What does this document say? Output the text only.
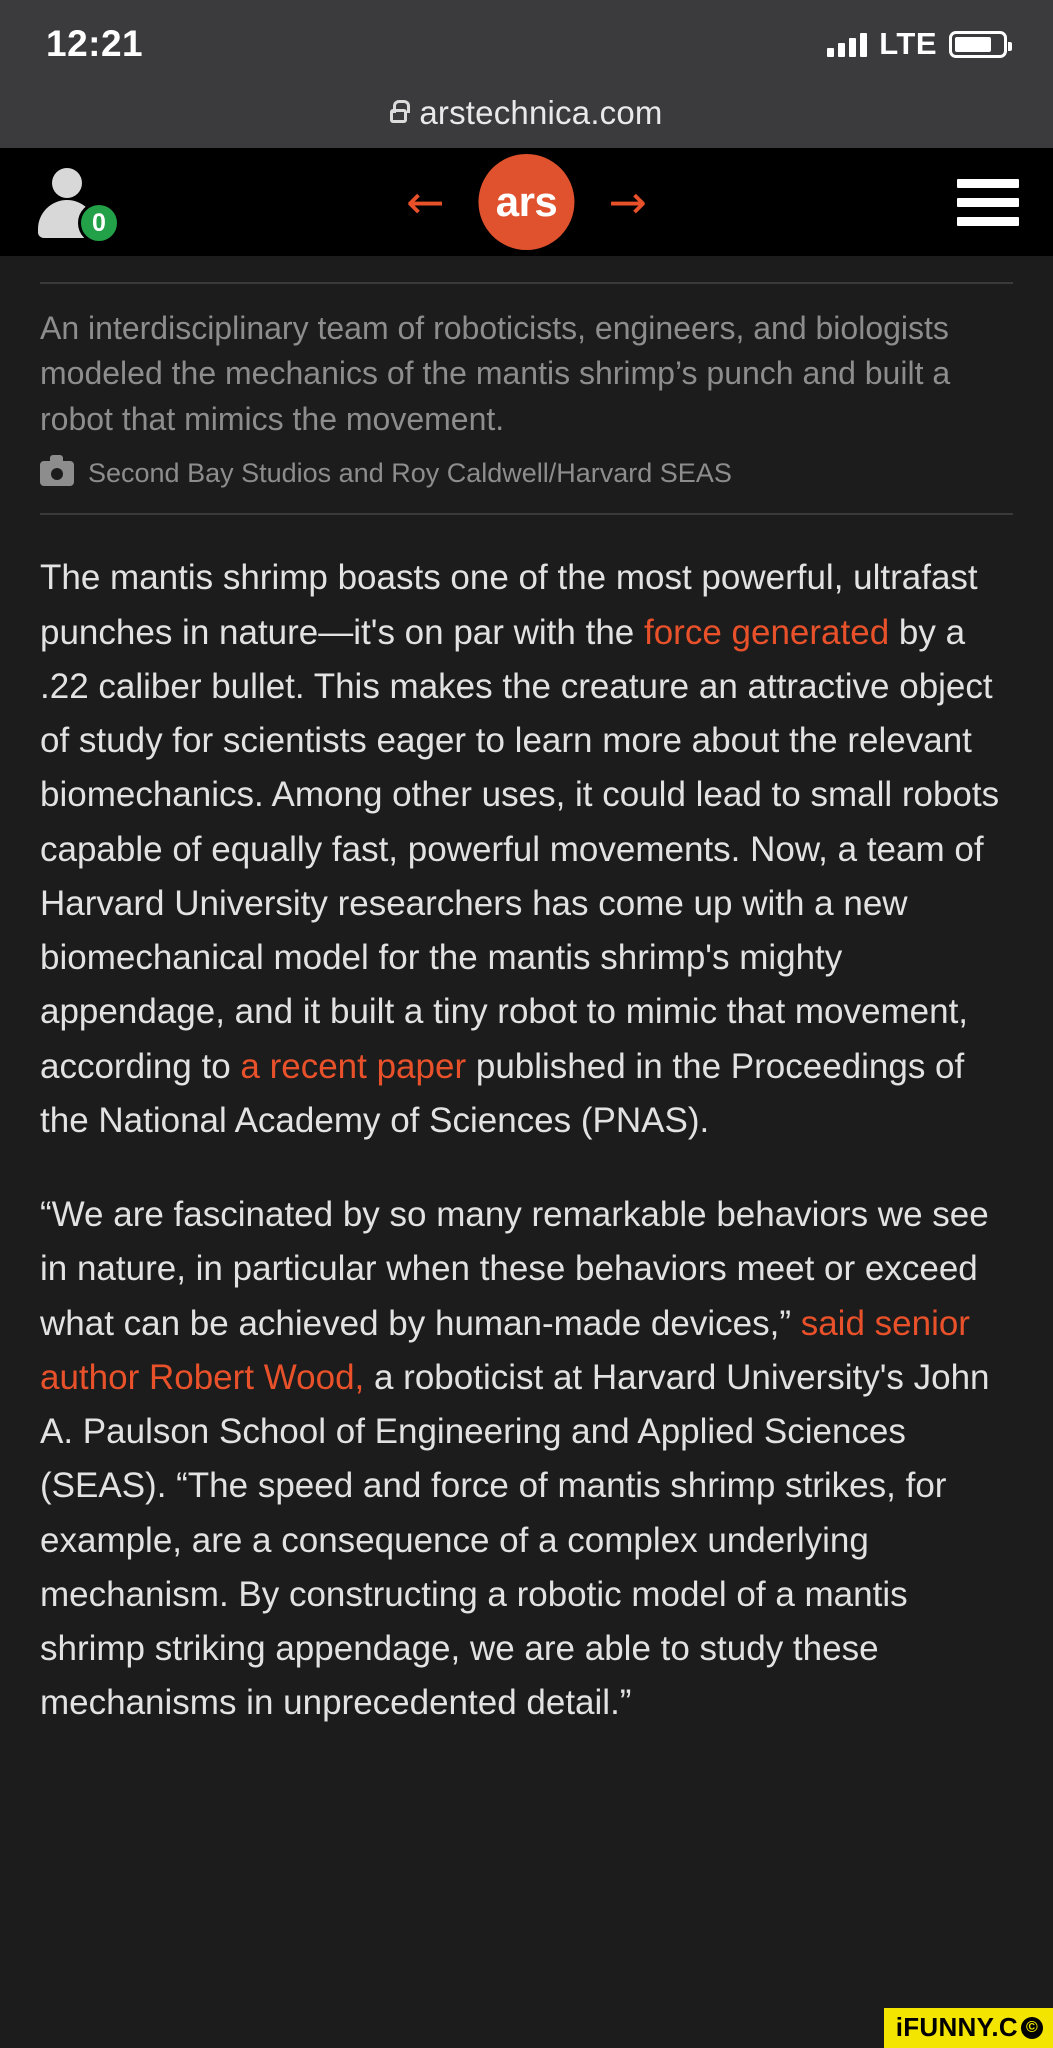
12:21	LTE
arstechnica.com
0	←	ars	→
An interdisciplinary team of roboticists, engineers, and biologists modeled the mechanics of the mantis shrimp’s punch and built a robot that mimics the movement.
Second Bay Studios and Roy Caldwell/Harvard SEAS

The mantis shrimp boasts one of the most powerful, ultrafast punches in nature—it's on par with the force generated by a .22 caliber bullet. This makes the creature an attractive object of study for scientists eager to learn more about the relevant biomechanics. Among other uses, it could lead to small robots capable of equally fast, powerful movements. Now, a team of Harvard University researchers has come up with a new biomechanical model for the mantis shrimp's mighty appendage, and it built a tiny robot to mimic that movement, according to a recent paper published in the Proceedings of the National Academy of Sciences (PNAS).

“We are fascinated by so many remarkable behaviors we see in nature, in particular when these behaviors meet or exceed what can be achieved by human-made devices,” said senior author Robert Wood, a roboticist at Harvard University's John A. Paulson School of Engineering and Applied Sciences (SEAS). “The speed and force of mantis shrimp strikes, for example, are a consequence of a complex underlying mechanism. By constructing a robotic model of a mantis shrimp striking appendage, we are able to study these mechanisms in unprecedented detail.”

iFUNNY.C ©
